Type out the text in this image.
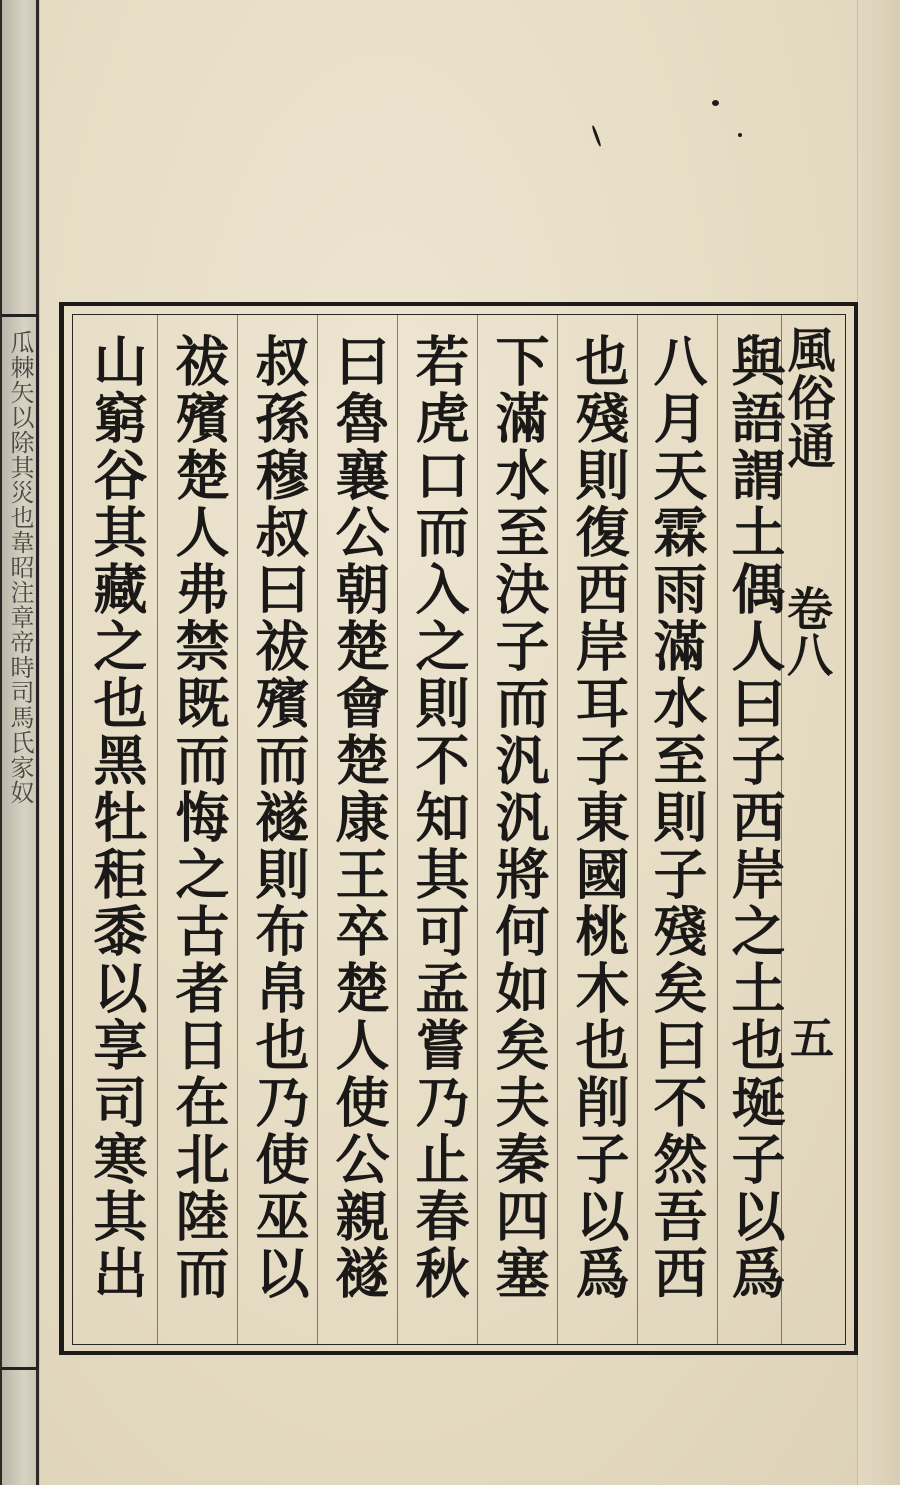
瓜棘矢以除其災也韋昭注章帝時司馬氏家奴	與語謂土偶人曰子西岸之土也埏子以爲
八月天霖雨滿水至則子殘矣曰不然吾西
也殘則復西岸耳子東國桃木也削子以爲
下滿水至決子而汎汎將何如矣夫秦四塞
若虎口而入之則不知其可孟嘗乃止春秋
曰魯襄公朝楚會楚康王卒楚人使公親襚
叔孫穆叔曰祓殯而襚則布帛也乃使巫以
祓殯楚人弗禁既而悔之古者日在北陸而
山窮谷其藏之也黑牡秬黍以享司寒其出
風俗通
卷八
五
